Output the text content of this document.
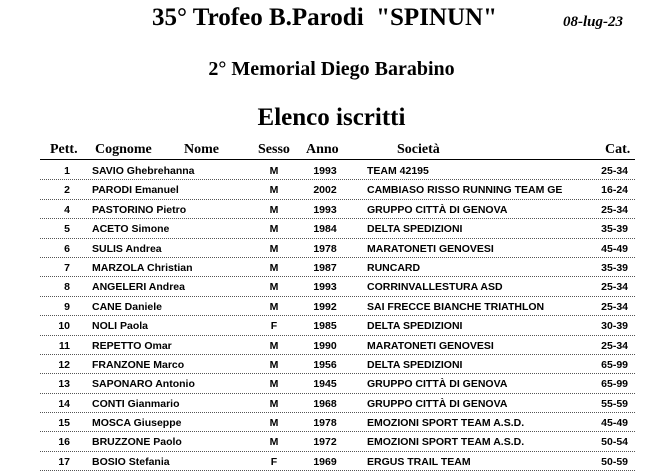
35° Trofeo B.Parodi  "SPINUN"	08-lug-23
2° Memorial Diego Barabino
Elenco iscritti
Pett. Cognome Nome	Sesso Anno	Società	Cat.
1 SAVIO Ghebrehanna	M	1993	TEAM 42195	25-34
2 PARODI Emanuel	M	2002	CAMBIASO RISSO RUNNING TEAM GE	16-24
4 PASTORINO Pietro	M	1993	GRUPPO CITTÀ DI GENOVA	25-34
5 ACETO Simone	M	1984	DELTA SPEDIZIONI	35-39
6 SULIS Andrea	M	1978	MARATONETI GENOVESI	45-49
7 MARZOLA Christian	M	1987	RUNCARD	35-39
8 ANGELERI Andrea	M	1993	CORRINVALLESTURA ASD	25-34
9 CANE Daniele	M	1992	SAI FRECCE BIANCHE TRIATHLON	25-34
10 NOLI Paola	F	1985	DELTA SPEDIZIONI	30-39
11 REPETTO Omar	M	1990	MARATONETI GENOVESI	25-34
12 FRANZONE Marco	M	1956	DELTA SPEDIZIONI	65-99
13 SAPONARO Antonio	M	1945	GRUPPO CITTÀ DI GENOVA	65-99
14 CONTI Gianmario	M	1968	GRUPPO CITTÀ DI GENOVA	55-59
15 MOSCA Giuseppe	M	1978	EMOZIONI SPORT TEAM A.S.D.	45-49
16 BRUZZONE Paolo	M	1972	EMOZIONI SPORT TEAM A.S.D.	50-54
17 BOSIO Stefania	F	1969	ERGUS TRAIL TEAM	50-59
